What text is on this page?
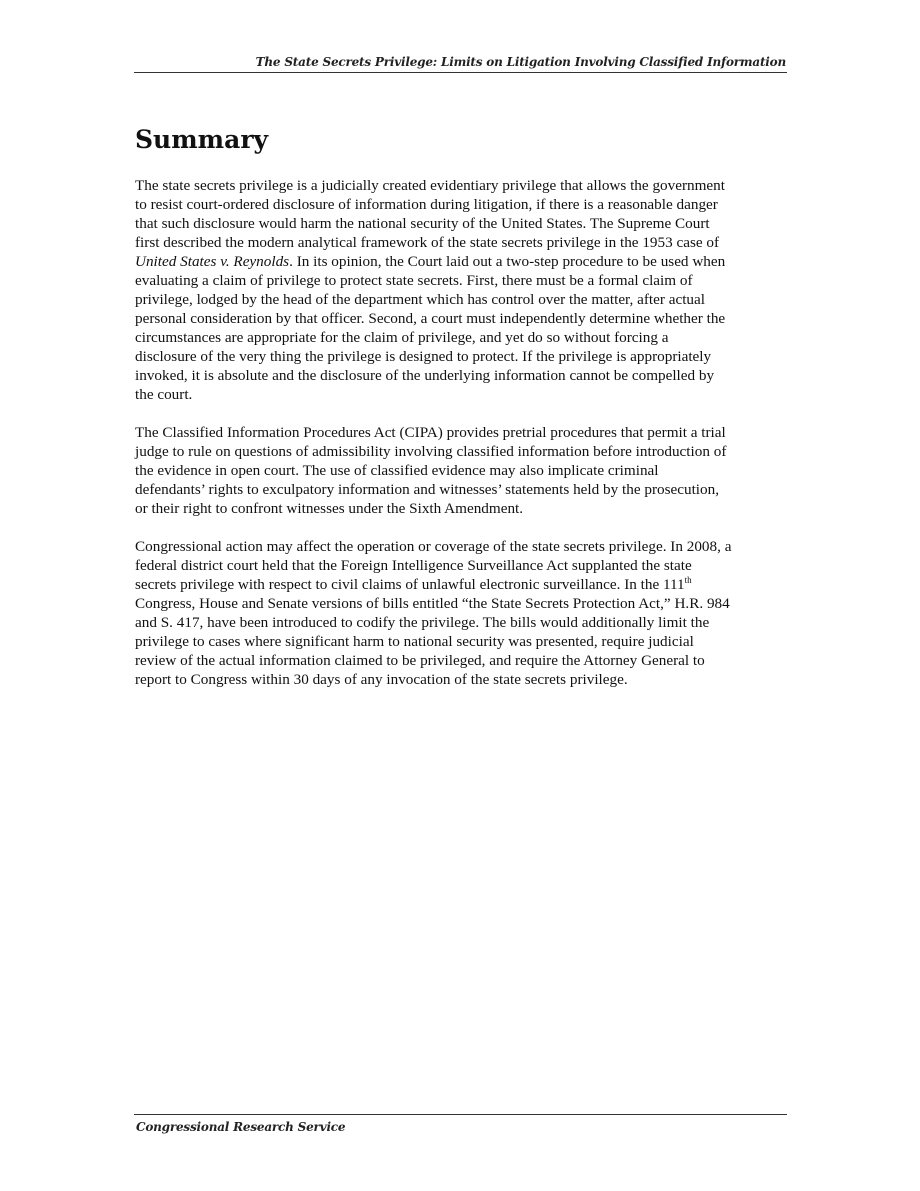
The State Secrets Privilege: Limits on Litigation Involving Classified Information
Summary

The state secrets privilege is a judicially created evidentiary privilege that allows the government
to resist court-ordered disclosure of information during litigation, if there is a reasonable danger
that such disclosure would harm the national security of the United States. The Supreme Court
first described the modern analytical framework of the state secrets privilege in the 1953 case of
United States v. Reynolds. In its opinion, the Court laid out a two-step procedure to be used when
evaluating a claim of privilege to protect state secrets. First, there must be a formal claim of
privilege, lodged by the head of the department which has control over the matter, after actual
personal consideration by that officer. Second, a court must independently determine whether the
circumstances are appropriate for the claim of privilege, and yet do so without forcing a
disclosure of the very thing the privilege is designed to protect. If the privilege is appropriately
invoked, it is absolute and the disclosure of the underlying information cannot be compelled by
the court.

The Classified Information Procedures Act (CIPA) provides pretrial procedures that permit a trial
judge to rule on questions of admissibility involving classified information before introduction of
the evidence in open court. The use of classified evidence may also implicate criminal
defendants’ rights to exculpatory information and witnesses’ statements held by the prosecution,
or their right to confront witnesses under the Sixth Amendment.

Congressional action may affect the operation or coverage of the state secrets privilege. In 2008, a
federal district court held that the Foreign Intelligence Surveillance Act supplanted the state
secrets privilege with respect to civil claims of unlawful electronic surveillance. In the 111th
Congress, House and Senate versions of bills entitled “the State Secrets Protection Act,” H.R. 984
and S. 417, have been introduced to codify the privilege. The bills would additionally limit the
privilege to cases where significant harm to national security was presented, require judicial
review of the actual information claimed to be privileged, and require the Attorney General to
report to Congress within 30 days of any invocation of the state secrets privilege.

Congressional Research Service
